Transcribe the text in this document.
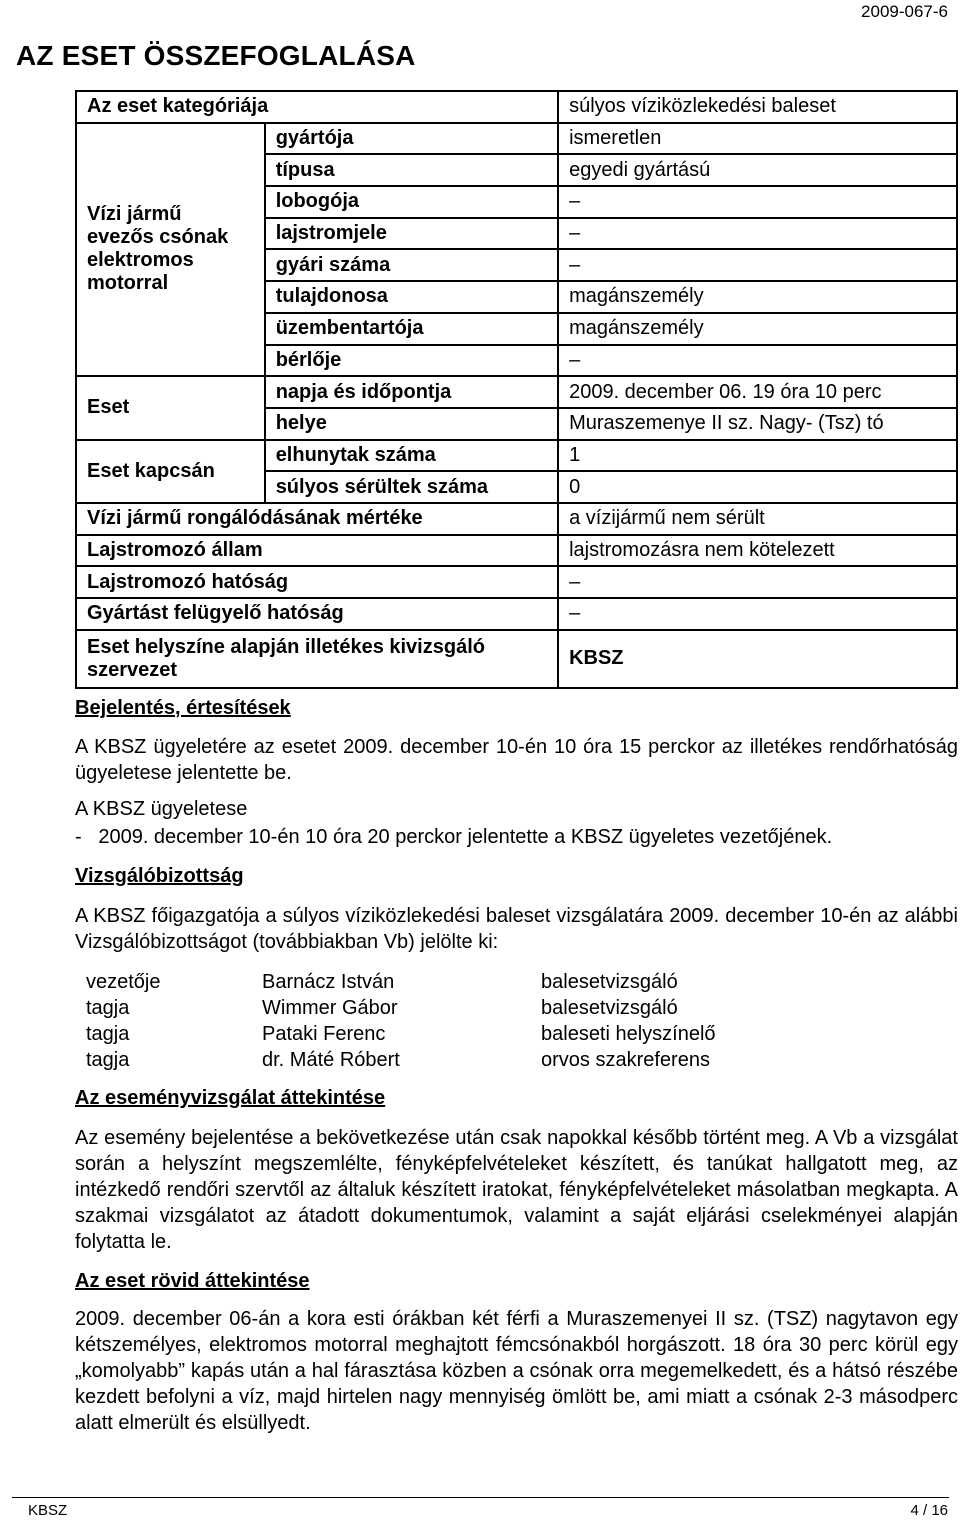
2009-067-6
AZ ESET ÖSSZEFOGLALÁSA
Az eset kategóriája		súlyos víziközlekedési baleset

Vízi jármű
evezős csónak
elektromos
motorral	gyártója	ismeretlen
	típusa	egyedi gyártású
	lobogója	–
	lajstromjele	–
	gyári száma	–
	tulajdonosa	magánszemély
	üzembentartója	magánszemély
	bérlője	–
Eset	napja és időpontja	2009. december 06. 19 óra 10 perc
	helye	Muraszemenye II sz. Nagy- (Tsz) tó
Eset kapcsán	elhunytak száma	1
	súlyos sérültek száma	0
Vízi jármű rongálódásának mértéke		a vízijármű nem sérült
Lajstromozó állam		lajstromozásra nem kötelezett
Lajstromozó hatóság		–
Gyártást felügyelő hatóság		–
Eset helyszíne alapján illetékes kivizsgáló szervezet		KBSZ
Bejelentés, értesítések
A KBSZ ügyeletére az esetet 2009. december 10-én 10 óra 15 perckor az illetékes rendőrhatóság ügyeletese jelentette be.
A KBSZ ügyeletese
-   2009. december 10-én 10 óra 20 perckor jelentette a KBSZ ügyeletes vezetőjének.
Vizsgálóbizottság
A KBSZ főigazgatója a súlyos víziközlekedési baleset vizsgálatára 2009. december 10-én az alábbi Vizsgálóbizottságot (továbbiakban Vb) jelölte ki:
vezetője	Barnácz István	balesetvizsgáló
tagja	Wimmer Gábor	balesetvizsgáló
tagja	Pataki Ferenc	baleseti helyszínelő
tagja	dr. Máté Róbert	orvos szakreferens
Az eseményvizsgálat áttekintése
Az esemény bejelentése a bekövetkezése után csak napokkal később történt meg. A Vb a vizsgálat során a helyszínt megszemlélte, fényképfelvételeket készített, és tanúkat hallgatott meg, az intézkedő rendőri szervtől az általuk készített iratokat, fényképfelvételeket másolatban megkapta. A szakmai vizsgálatot az átadott dokumentumok, valamint a saját eljárási cselekményei alapján folytatta le.
Az eset rövid áttekintése
2009. december 06-án a kora esti órákban két férfi a Muraszemenyei II sz. (TSZ) nagytavon egy kétszemélyes, elektromos motorral meghajtott fémcsónakból horgászott. 18 óra 30 perc körül egy „komolyabb” kapás után a hal fárasztása közben a csónak orra megemelkedett, és a hátsó részébe kezdett befolyni a víz, majd hirtelen nagy mennyiség ömlött be, ami miatt a csónak 2-3 másodperc alatt elmerült és elsüllyedt.
KBSZ	4 / 16
